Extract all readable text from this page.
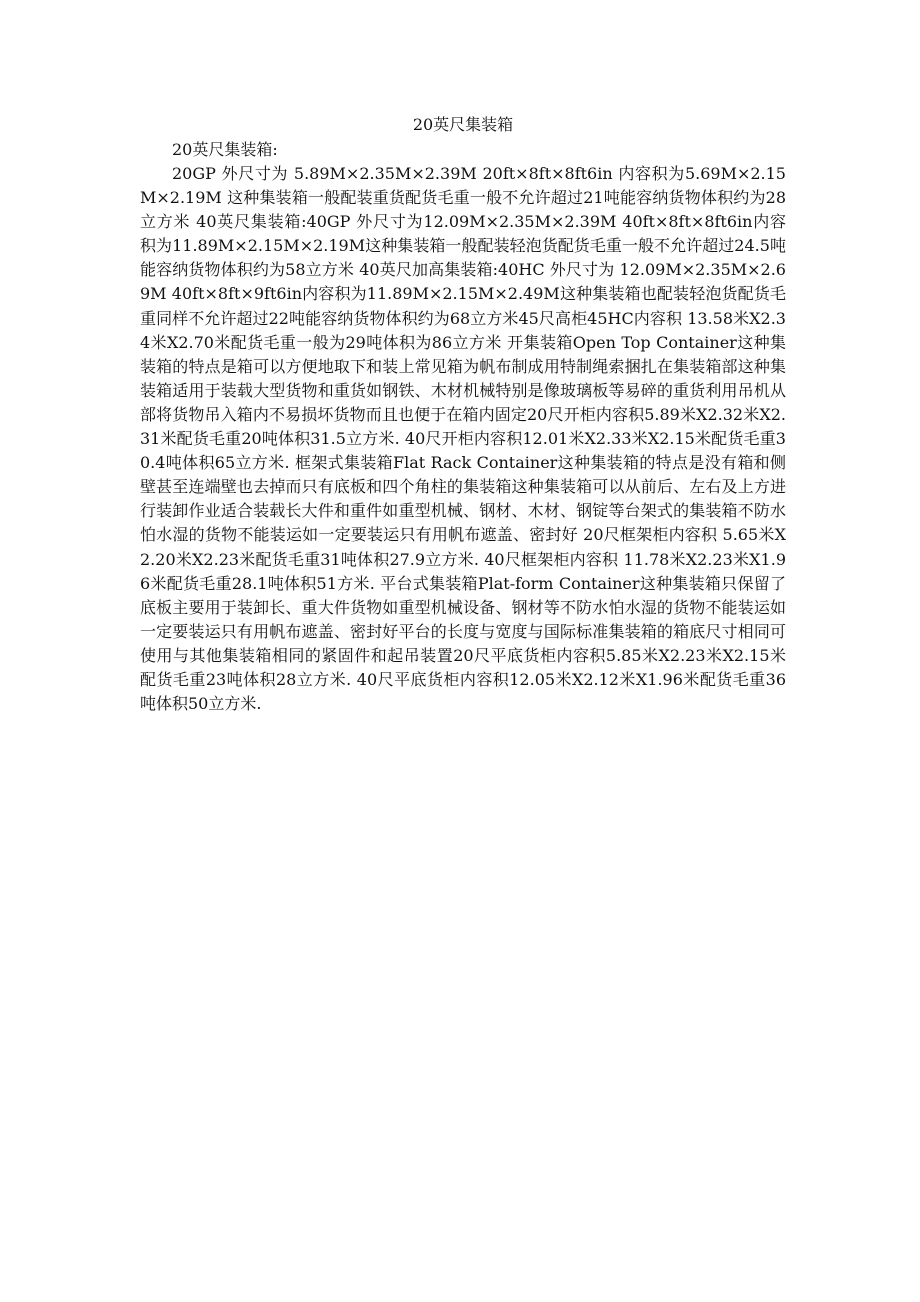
20英尺集装箱

20英尺集装箱:

20GP 外尺寸为 5.89M×2.35M×2.39M 20ft×8ft×8ft6in 内容积为5.69M×2.15M×2.19M 这种集装箱一般配装重货配货毛重一般不允许超过21吨能容纳货物体积约为28立方米 40英尺集装箱:40GP 外尺寸为12.09M×2.35M×2.39M 40ft×8ft×8ft6in内容积为11.89M×2.15M×2.19M这种集装箱一般配装轻泡货配货毛重一般不允许超过24.5吨能容纳货物体积约为58立方米 40英尺加高集装箱:40HC 外尺寸为 12.09M×2.35M×2.69M 40ft×8ft×9ft6in内容积为11.89M×2.15M×2.49M这种集装箱也配装轻泡货配货毛重同样不允许超过22吨能容纳货物体积约为68立方米45尺高柜45HC内容积 13.58米X2.34米X2.70米配货毛重一般为29吨体积为86立方米 开集装箱Open Top Container这种集装箱的特点是箱可以方便地取下和装上常见箱为帆布制成用特制绳索捆扎在集装箱部这种集装箱适用于装载大型货物和重货如钢铁、木材机械特别是像玻璃板等易碎的重货利用吊机从部将货物吊入箱内不易损坏货物而且也便于在箱内固定20尺开柜内容积5.89米X2.32米X2.31米配货毛重20吨体积31.5立方米. 40尺开柜内容积12.01米X2.33米X2.15米配货毛重30.4吨体积65立方米. 框架式集装箱Flat Rack Container这种集装箱的特点是没有箱和侧壁甚至连端壁也去掉而只有底板和四个角柱的集装箱这种集装箱可以从前后、左右及上方进行装卸作业适合装载长大件和重件如重型机械、钢材、木材、钢锭等台架式的集装箱不防水怕水湿的货物不能装运如一定要装运只有用帆布遮盖、密封好 20尺框架柜内容积 5.65米X2.20米X2.23米配货毛重31吨体积27.9立方米. 40尺框架柜内容积 11.78米X2.23米X1.96米配货毛重28.1吨体积51方米. 平台式集装箱Plat-form Container这种集装箱只保留了底板主要用于装卸长、重大件货物如重型机械设备、钢材等不防水怕水湿的货物不能装运如一定要装运只有用帆布遮盖、密封好平台的长度与宽度与国际标准集装箱的箱底尺寸相同可使用与其他集装箱相同的紧固件和起吊装置20尺平底货柜内容积5.85米X2.23米X2.15米配货毛重23吨体积28立方米. 40尺平底货柜内容积12.05米X2.12米X1.96米配货毛重36吨体积50立方米.
